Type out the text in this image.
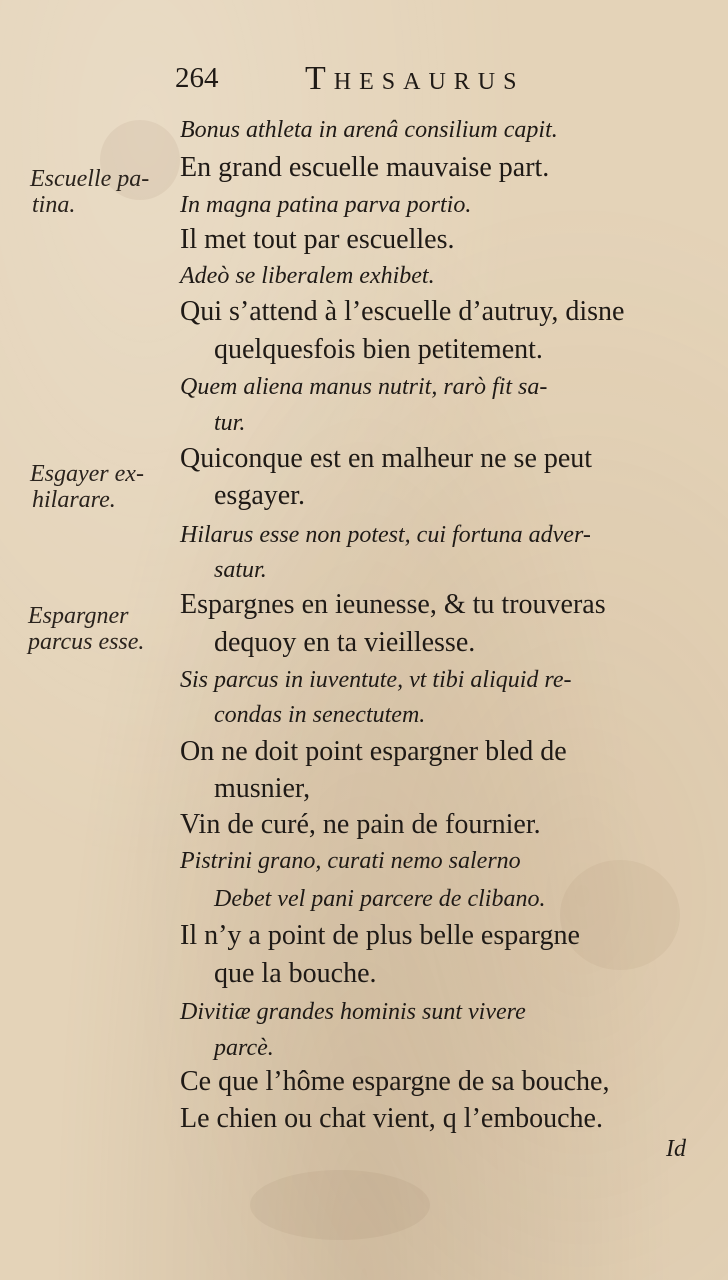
264	Thesaurus
Escuelle pa-
tina.
Esgayer ex-
hilarare.
Espargner
parcus esse.
Bonus athleta in arenâ consilium capit.
En grand escuelle mauvaise part.
In magna patina parva portio.
Il met tout par escuelles.
Adeò se liberalem exhibet.
Qui s’attend à l’escuelle d’autruy, disne
quelquesfois bien petitement.
Quem aliena manus nutrit, rarò fit sa-
tur.
Quiconque est en malheur ne se peut
esgayer.
Hilarus esse non potest, cui fortuna adver-
satur.
Espargnes en ieunesse, & tu trouveras
dequoy en ta vieillesse.
Sis parcus in iuventute, vt tibi aliquid re-
condas in senectutem.
On ne doit point espargner bled de
musnier,
Vin de curé, ne pain de fournier.
Pistrini grano, curati nemo salerno
Debet vel pani parcere de clibano.
Il n’y a point de plus belle espargne
que la bouche.
Divitiæ grandes hominis sunt vivere
parcè.
Ce que l’hôme espargne de sa bouche,
Le chien ou chat vient, q l’embouche.
Id
